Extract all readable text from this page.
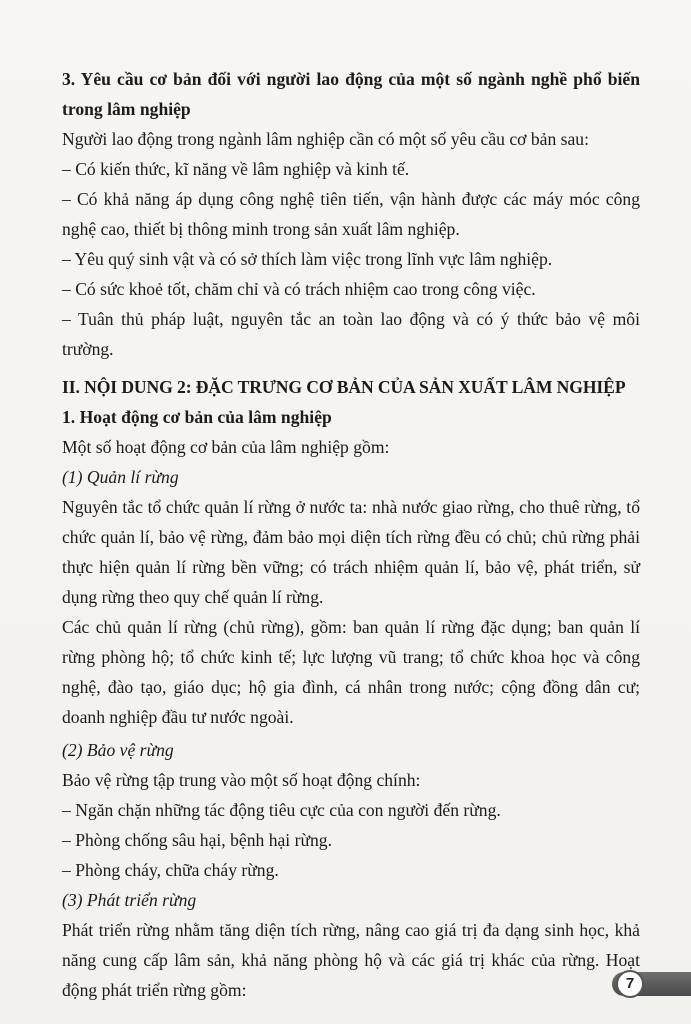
3. Yêu cầu cơ bản đối với người lao động của một số ngành nghề phổ biến trong lâm nghiệp

Người lao động trong ngành lâm nghiệp cần có một số yêu cầu cơ bản sau:

– Có kiến thức, kĩ năng về lâm nghiệp và kinh tế.

– Có khả năng áp dụng công nghệ tiên tiến, vận hành được các máy móc công nghệ cao, thiết bị thông minh trong sản xuất lâm nghiệp.

– Yêu quý sinh vật và có sở thích làm việc trong lĩnh vực lâm nghiệp.

– Có sức khoẻ tốt, chăm chỉ và có trách nhiệm cao trong công việc.

– Tuân thủ pháp luật, nguyên tắc an toàn lao động và có ý thức bảo vệ môi trường.

II. NỘI DUNG 2: ĐẶC TRƯNG CƠ BẢN CỦA SẢN XUẤT LÂM NGHIỆP

1. Hoạt động cơ bản của lâm nghiệp

Một số hoạt động cơ bản của lâm nghiệp gồm:

(1) Quản lí rừng

Nguyên tắc tổ chức quản lí rừng ở nước ta: nhà nước giao rừng, cho thuê rừng, tổ chức quản lí, bảo vệ rừng, đảm bảo mọi diện tích rừng đều có chủ; chủ rừng phải thực hiện quản lí rừng bền vững; có trách nhiệm quản lí, bảo vệ, phát triển, sử dụng rừng theo quy chế quản lí rừng.

Các chủ quản lí rừng (chủ rừng), gồm: ban quản lí rừng đặc dụng; ban quản lí rừng phòng hộ; tổ chức kinh tế; lực lượng vũ trang; tổ chức khoa học và công nghệ, đào tạo, giáo dục; hộ gia đình, cá nhân trong nước; cộng đồng dân cư; doanh nghiệp đầu tư nước ngoài.

(2) Bảo vệ rừng

Bảo vệ rừng tập trung vào một số hoạt động chính:

– Ngăn chặn những tác động tiêu cực của con người đến rừng.

– Phòng chống sâu hại, bệnh hại rừng.

– Phòng cháy, chữa cháy rừng.

(3) Phát triển rừng

Phát triển rừng nhằm tăng diện tích rừng, nâng cao giá trị đa dạng sinh học, khả năng cung cấp lâm sản, khả năng phòng hộ và các giá trị khác của rừng. Hoạt động phát triển rừng gồm:	7
